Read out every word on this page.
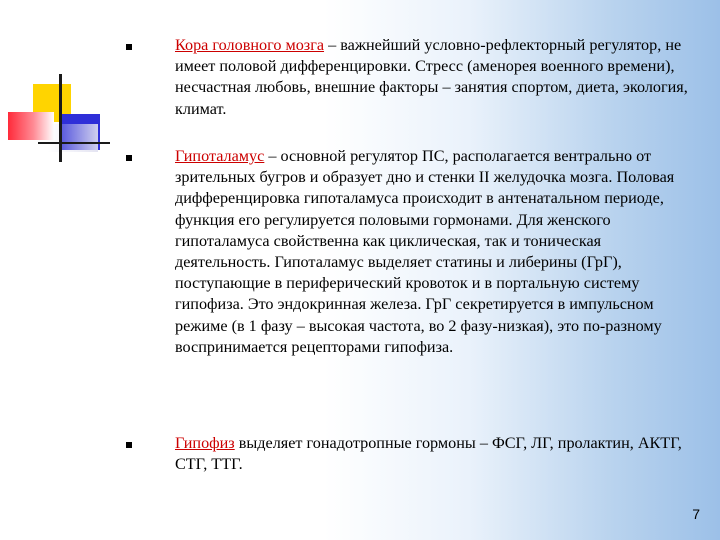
Кора головного мозга – важнейший условно-рефлекторный регулятор, не имеет половой дифференцировки. Стресс (аменорея военного времени), несчастная любовь, внешние факторы – занятия спортом, диета, экология, климат.

Гипоталамус – основной регулятор ПС, располагается вентрально от зрительных бугров и образует дно и стенки II желудочка мозга. Половая дифференцировка гипоталамуса происходит в антенатальном периоде, функция его регулируется половыми гормонами. Для женского гипоталамуса свойственна как циклическая, так и тоническая деятельность. Гипоталамус выделяет статины и либерины (ГрГ), поступающие в периферический кровоток и в портальную систему гипофиза. Это эндокринная железа. ГрГ секретируется в импульсном режиме (в 1 фазу – высокая частота, во 2 фазу-низкая), это по-разному воспринимается рецепторами гипофиза.

Гипофиз выделяет гонадотропные гормоны – ФСГ, ЛГ, пролактин, АКТГ, СТГ, ТТГ.

7
